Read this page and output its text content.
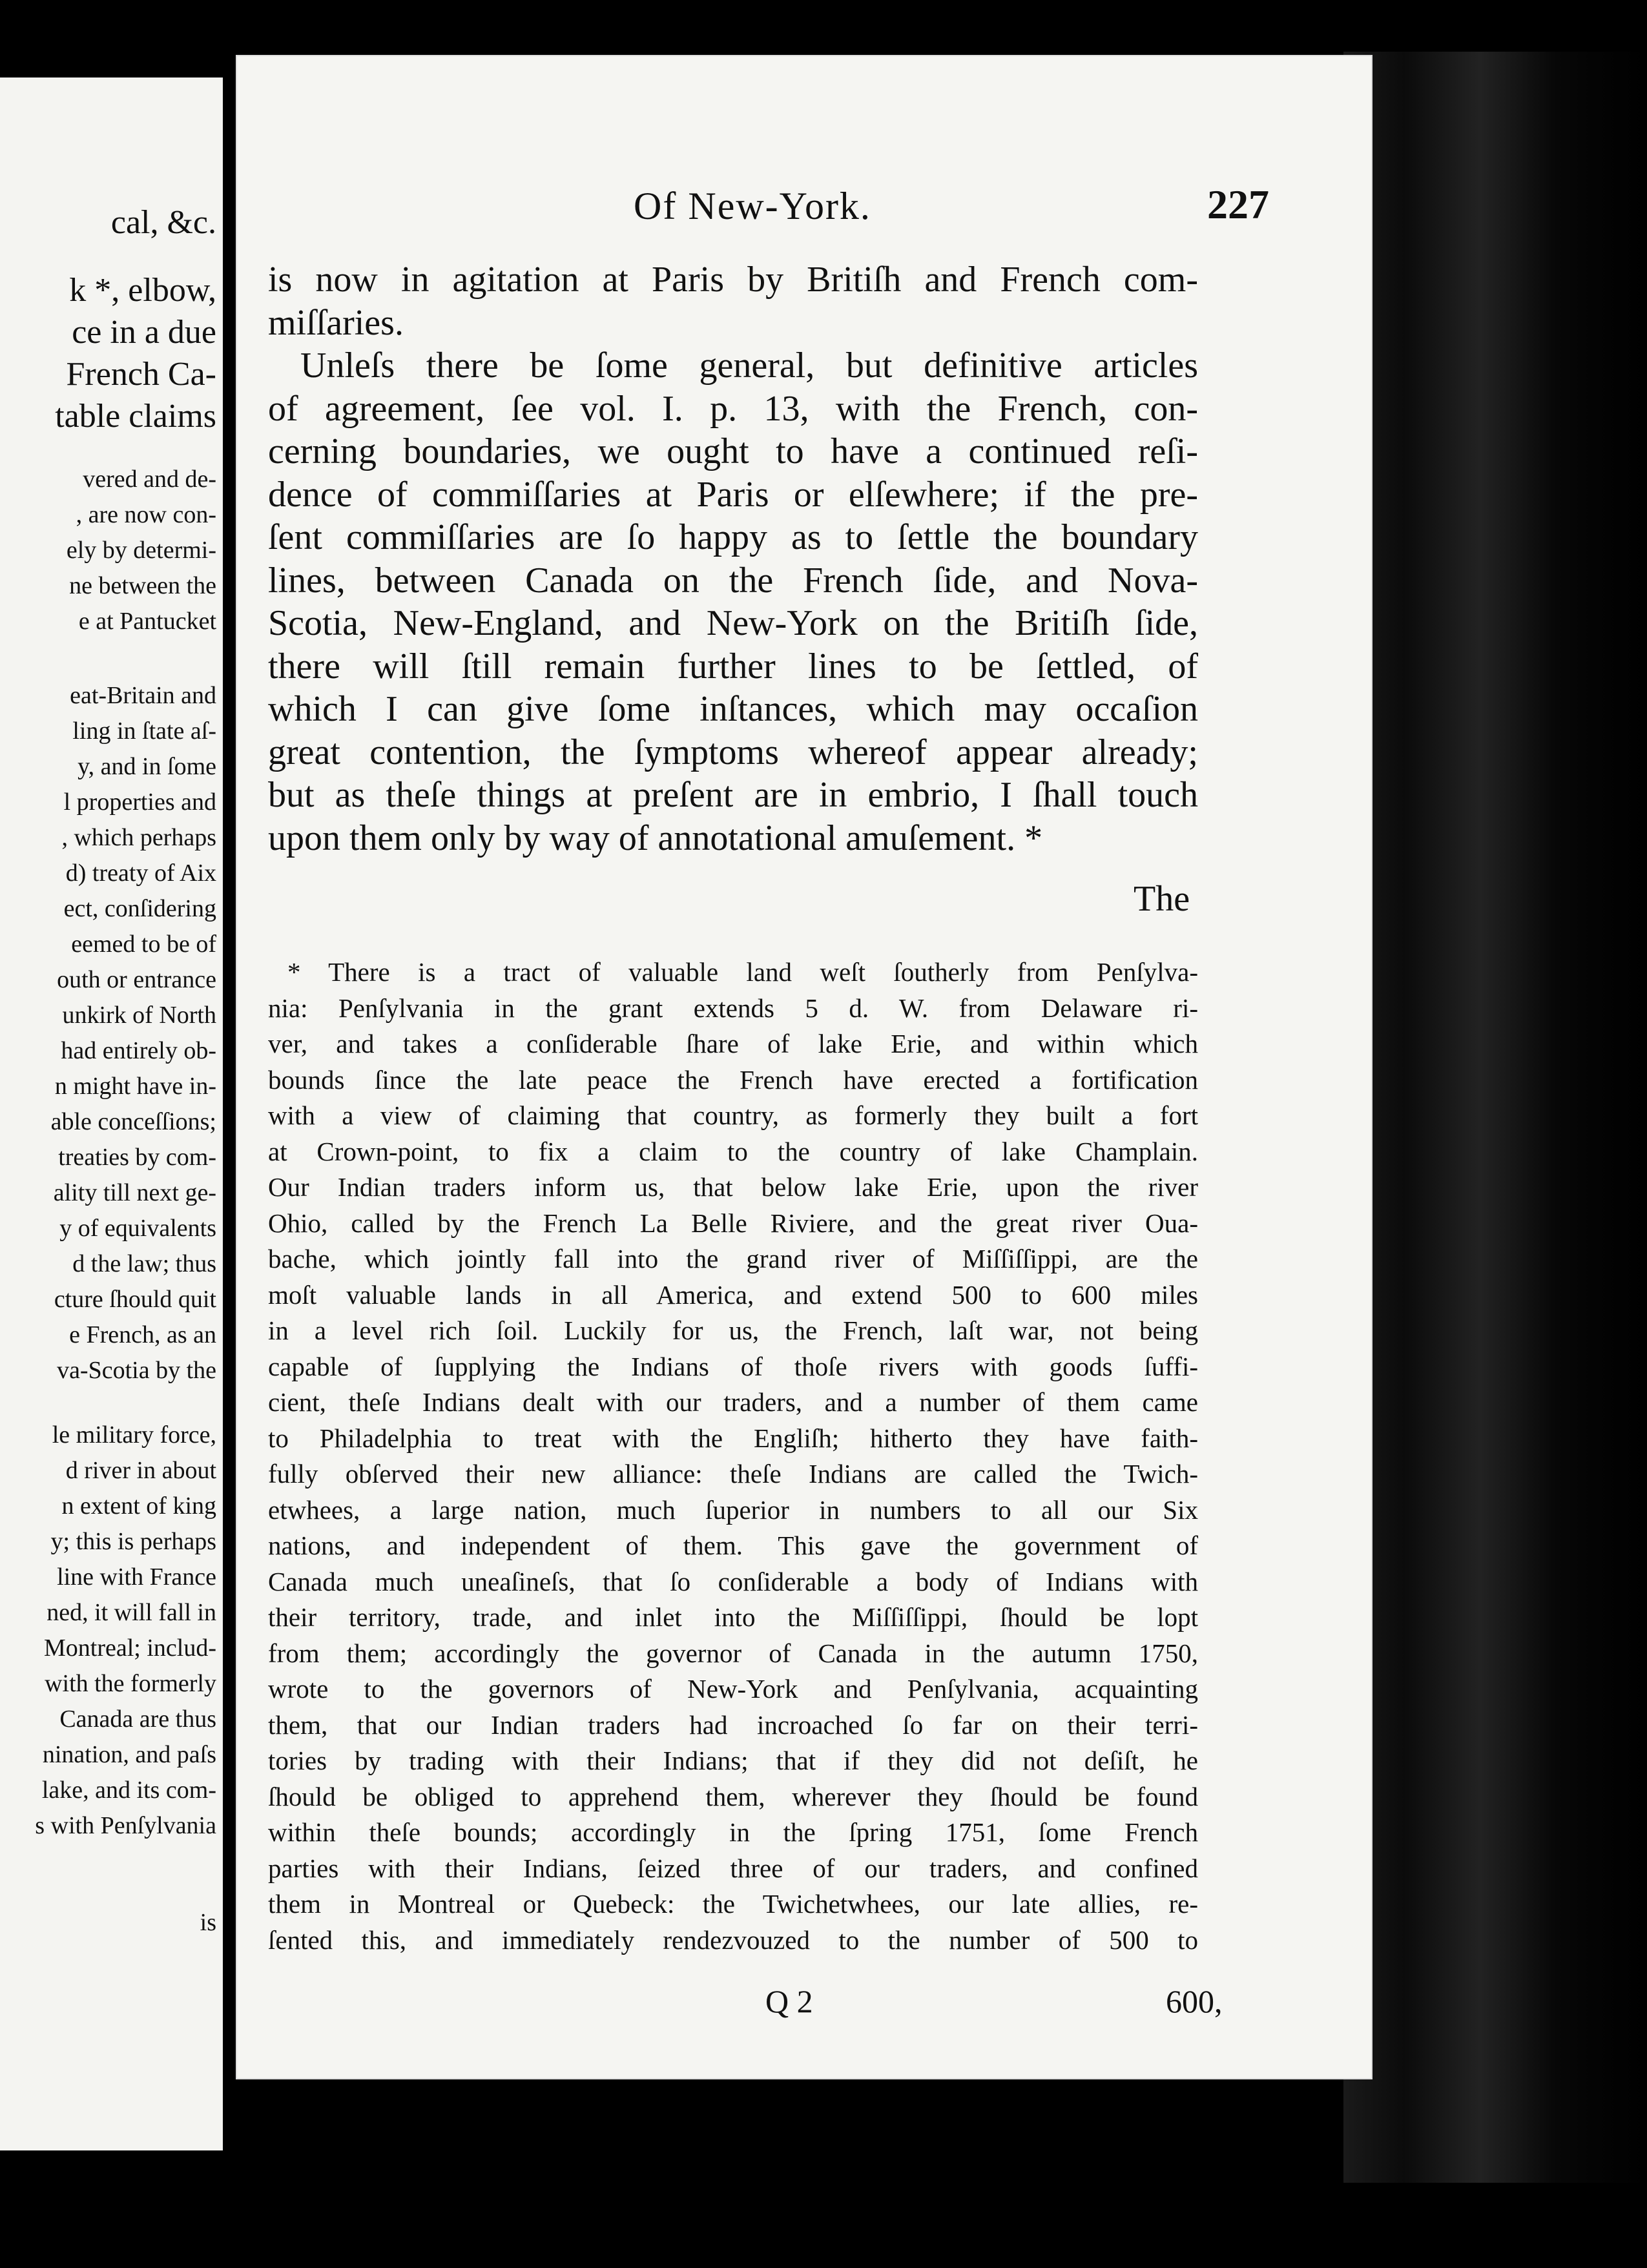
cal, &c.
k *, elbow,
ce in a due
French Ca-
table claims
vered and de-
, are now con-
ely by determi-
ne between the
e at Pantucket
eat-Britain and
ling in ſtate aſ-
y, and in ſome
l properties and
, which perhaps
d) treaty of Aix
ect, conſidering
eemed to be of
outh or entrance
unkirk of North
had entirely ob-
n might have in-
able conceſſions;
treaties by com-
ality till next ge-
y of equivalents
d the law; thus
cture ſhould quit
e French, as an
va-Scotia by the
le military force,
d river in about
n extent of king
y; this is perhaps
line with France
ned, it will fall in
Montreal; includ-
with the formerly
Canada are thus
nination, and paſs
lake, and its com-
s with Penſylvania
is
Of New-York.	227
is now in agitation at Paris by Britiſh and French com-
miſſaries.
Unleſs there be ſome general, but definitive articles
of agreement, ſee vol. I. p. 13, with the French, con-
cerning boundaries, we ought to have a continued reſi-
dence of commiſſaries at Paris or elſewhere; if the pre-
ſent commiſſaries are ſo happy as to ſettle the boundary
lines, between Canada on the French ſide, and Nova-
Scotia, New-England, and New-York on the Britiſh ſide,
there will ſtill remain further lines to be ſettled, of
which I can give ſome inſtances, which may occaſion
great contention, the ſymptoms whereof appear already;
but as theſe things at preſent are in embrio, I ſhall touch
upon them only by way of annotational amuſement. *
The
* There is a tract of valuable land weſt ſoutherly from Penſylva-
nia: Penſylvania in the grant extends 5 d. W. from Delaware ri-
ver, and takes a conſiderable ſhare of lake Erie, and within which
bounds ſince the late peace the French have erected a fortification
with a view of claiming that country, as formerly they built a fort
at Crown-point, to fix a claim to the country of lake Champlain.
Our Indian traders inform us, that below lake Erie, upon the river
Ohio, called by the French La Belle Riviere, and the great river Oua-
bache, which jointly fall into the grand river of Miſſiſſippi, are the
moſt valuable lands in all America, and extend 500 to 600 miles
in a level rich ſoil. Luckily for us, the French, laſt war, not being
capable of ſupplying the Indians of thoſe rivers with goods ſuffi-
cient, theſe Indians dealt with our traders, and a number of them came
to Philadelphia to treat with the Engliſh; hitherto they have faith-
fully obſerved their new alliance: theſe Indians are called the Twich-
etwhees, a large nation, much ſuperior in numbers to all our Six
nations, and independent of them. This gave the government of
Canada much uneaſineſs, that ſo conſiderable a body of Indians with
their territory, trade, and inlet into the Miſſiſſippi, ſhould be lopt
from them; accordingly the governor of Canada in the autumn 1750,
wrote to the governors of New-York and Penſylvania, acquainting
them, that our Indian traders had incroached ſo far on their terri-
tories by trading with their Indians; that if they did not deſiſt, he
ſhould be obliged to apprehend them, wherever they ſhould be found
within theſe bounds; accordingly in the ſpring 1751, ſome French
parties with their Indians, ſeized three of our traders, and confined
them in Montreal or Quebeck: the Twichetwhees, our late allies, re-
ſented this, and immediately rendezvouzed to the number of 500 to
Q 2	600,
